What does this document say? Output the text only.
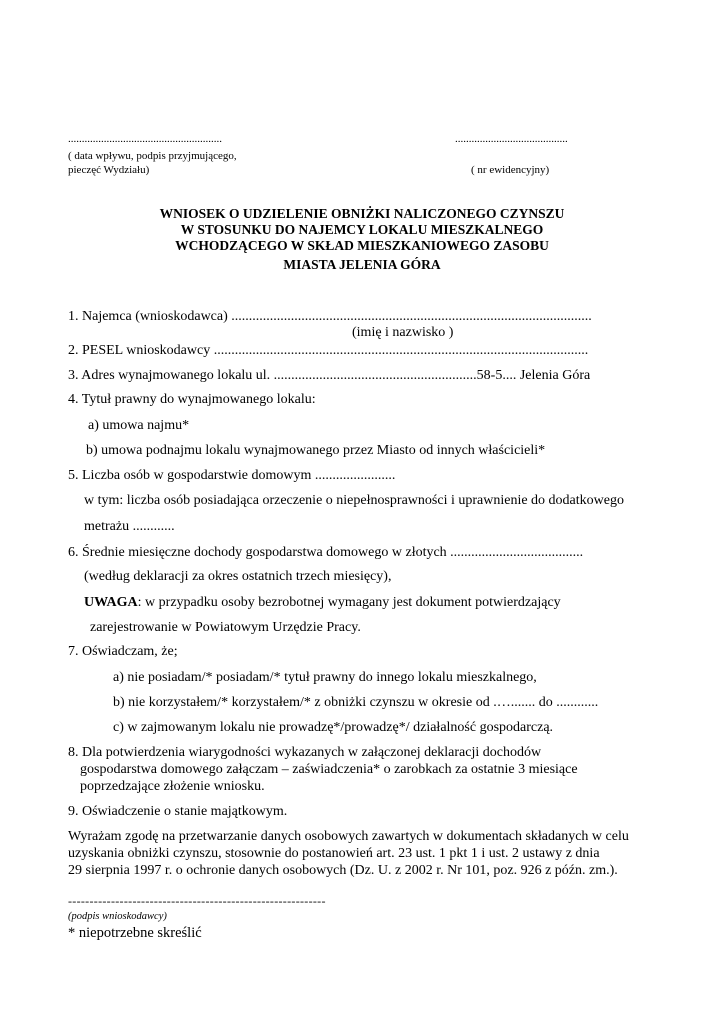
........................................................
( data wpływu, podpis przyjmującego,
pieczęć Wydziału)
.........................................
( nr ewidencyjny)
WNIOSEK O UDZIELENIE OBNIŻKI NALICZONEGO CZYNSZU
W STOSUNKU DO NAJEMCY LOKALU MIESZKALNEGO
WCHODZĄCEGO W SKŁAD MIESZKANIOWEGO ZASOBU
MIASTA JELENIA GÓRA
1. Najemca (wnioskodawca) .......................................................................................................
(imię i nazwisko )
2. PESEL wnioskodawcy ...........................................................................................................
3. Adres wynajmowanego lokalu ul. ..........................................................58-5.... Jelenia Góra
4. Tytuł prawny do wynajmowanego lokalu:
a) umowa najmu*
b) umowa podnajmu lokalu wynajmowanego przez Miasto od innych właścicieli*
5. Liczba osób w gospodarstwie domowym .......................
w tym: liczba osób posiadająca orzeczenie o niepełnosprawności i uprawnienie do dodatkowego
metrażu ............
6. Średnie miesięczne dochody gospodarstwa domowego w złotych ......................................
(według deklaracji za okres ostatnich trzech miesięcy),
UWAGA: w przypadku osoby bezrobotnej wymagany jest dokument potwierdzający
zarejestrowanie w Powiatowym Urzędzie Pracy.
7. Oświadczam, że;
a) nie posiadam/* posiadam/* tytuł prawny do innego lokalu mieszkalnego,
b) nie korzystałem/* korzystałem/* z obniżki czynszu w okresie od .…....... do ............
c) w zajmowanym lokalu nie prowadzę*/prowadzę*/ działalność gospodarczą.
8. Dla potwierdzenia wiarygodności wykazanych w załączonej deklaracji dochodów
gospodarstwa domowego załączam – zaświadczenia* o zarobkach za ostatnie 3 miesiące
poprzedzające złożenie wniosku.
9. Oświadczenie o stanie majątkowym.
Wyrażam zgodę na przetwarzanie danych osobowych zawartych w dokumentach składanych w celu
uzyskania obniżki czynszu, stosownie do postanowień art. 23 ust. 1 pkt 1 i ust. 2 ustawy z dnia
29 sierpnia 1997 r. o ochronie danych osobowych (Dz. U. z 2002 r. Nr 101, poz. 926 z późn. zm.).
------------------------------------------------------------
(podpis wnioskodawcy)
* niepotrzebne skreślić
